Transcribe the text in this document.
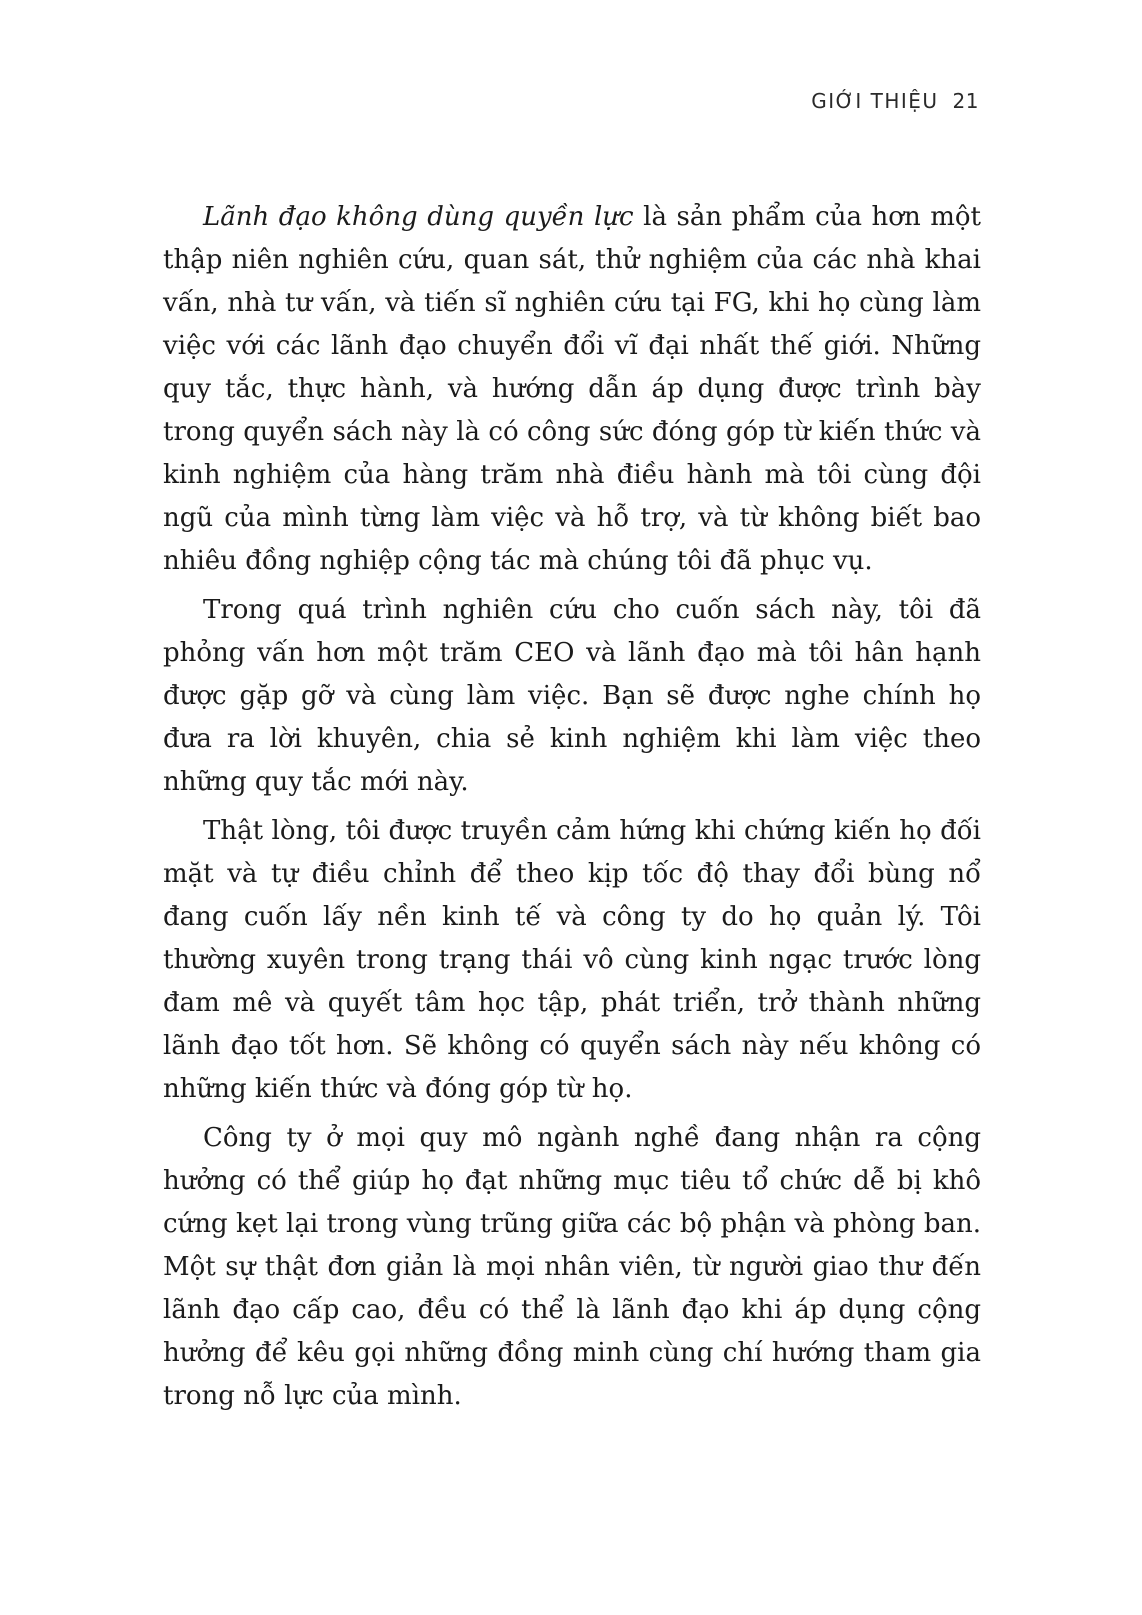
GIỚI THIỆU 21

Lãnh đạo không dùng quyền lực là sản phẩm của hơn một thập niên nghiên cứu, quan sát, thử nghiệm của các nhà khai vấn, nhà tư vấn, và tiến sĩ nghiên cứu tại FG, khi họ cùng làm việc với các lãnh đạo chuyển đổi vĩ đại nhất thế giới. Những quy tắc, thực hành, và hướng dẫn áp dụng được trình bày trong quyển sách này là có công sức đóng góp từ kiến thức và kinh nghiệm của hàng trăm nhà điều hành mà tôi cùng đội ngũ của mình từng làm việc và hỗ trợ, và từ không biết bao nhiêu đồng nghiệp cộng tác mà chúng tôi đã phục vụ.

Trong quá trình nghiên cứu cho cuốn sách này, tôi đã phỏng vấn hơn một trăm CEO và lãnh đạo mà tôi hân hạnh được gặp gỡ và cùng làm việc. Bạn sẽ được nghe chính họ đưa ra lời khuyên, chia sẻ kinh nghiệm khi làm việc theo những quy tắc mới này.

Thật lòng, tôi được truyền cảm hứng khi chứng kiến họ đối mặt và tự điều chỉnh để theo kịp tốc độ thay đổi bùng nổ đang cuốn lấy nền kinh tế và công ty do họ quản lý. Tôi thường xuyên trong trạng thái vô cùng kinh ngạc trước lòng đam mê và quyết tâm học tập, phát triển, trở thành những lãnh đạo tốt hơn. Sẽ không có quyển sách này nếu không có những kiến thức và đóng góp từ họ.

Công ty ở mọi quy mô ngành nghề đang nhận ra cộng hưởng có thể giúp họ đạt những mục tiêu tổ chức dễ bị khô cứng kẹt lại trong vùng trũng giữa các bộ phận và phòng ban. Một sự thật đơn giản là mọi nhân viên, từ người giao thư đến lãnh đạo cấp cao, đều có thể là lãnh đạo khi áp dụng cộng hưởng để kêu gọi những đồng minh cùng chí hướng tham gia trong nỗ lực của mình.
